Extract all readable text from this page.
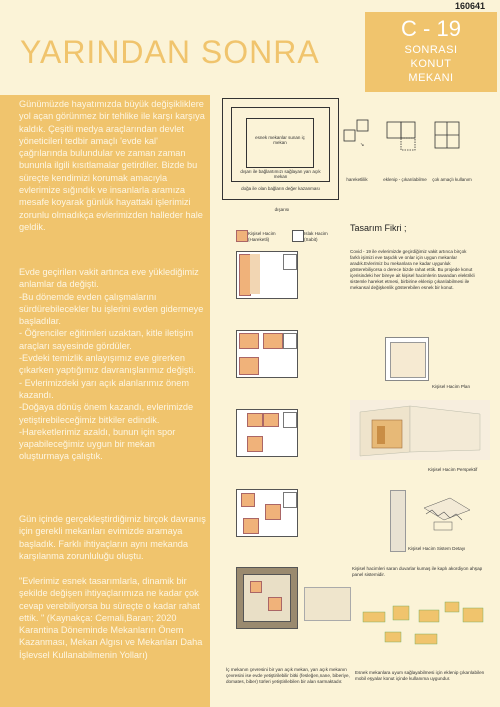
160641
C - 19
SONRASI
KONUT
MEKANI
YARINDAN SONRA

Günümüzde hayatımızda büyük değişikliklere yol açan görünmez bir tehlike ile karşı karşıya kaldık. Çeşitli medya araçlarından devlet yöneticileri tedbir amaçlı 'evde kal' çağrılarında bulundular ve zaman zaman bununla ilgili kısıtlamalar getirdiler. Bizde bu süreçte kendimizi korumak amacıyla evlerimize sığındık ve insanlarla aramıza mesafe koyarak günlük hayattaki işlerimizi zorunlu olmadıkça evlerimizden halleder hale geldik.

Evde geçirilen vakit artınca eve yüklediğimiz anlamlar da değişti.

-Bu dönemde evden çalışmalarını sürdürebilecekler bu işlerini evden gidermeye başladılar.

- Öğrenciler eğitimleri uzaktan, kitle iletişim araçları sayesinde gördüler.

-Evdeki temizlik anlayışımız eve girerken çıkarken yaptığımız davranışlarımız değişti.

- Evlerimizdeki yarı açık alanlarımız önem kazandı.

-Doğaya dönüş önem kazandı, evlerimizde yetiştirebileceğimiz bitkiler edindik.

-Hareketlerimiz azaldı, bunun için spor yapabileceğimiz uygun bir mekan oluşturmaya çalıştık.

Gün içinde gerçekleştirdiğimiz birçok davranış için gerekli mekanları evimizde aramaya başladık. Farklı ihtiyaçların aynı mekanda karşılanma zorunluluğu oluştu.

"Evlerimiz esnek tasarımlarla, dinamik bir şekilde değişen ihtiyaçlarımıza ne kadar çok cevap verebiliyorsa bu süreçte o kadar rahat ettik. " (Kaynakça: Cemali,Baran; 2020 Karantina Döneminde Mekanların Önem Kazanması, Mekan Algısı ve Mekanları Daha İşlevsel Kullanabilmenin Yolları)

esnek mekanlar sunan iç mekan
dışarı ile bağlantımızı sağlayan yarı açık mekan
doğa ile olan bağların değer kazanması
dışarısı
↘
hareketlilik	eklenip - çıkarılabilme	çok amaçlı kullanım
Tasarım Fikri ;
Covid - 19 ile evlerimizde geçirdiğimiz vakit artınca birçok farklı işimizi eve taşıdık ve onlar için uygun mekanlar aradık.Evlerimiz bu mekanlara ne kadar uygunluk gösterebiliyorsa o derece bizde rahat ettik. Bu projede konut içerisindeki her bireye ait kişisel hacimlerin tavandan elektrikli sistemle hareket etmesi, birbirine eklenip çıkarılabilmesi ile mekansal değişkenlik gösterebilen esnek bir konut.
Kişisel Hacim (Hareketli)
Islak Hacim (Sabit)
Kişisel Hacim Plan
Kişisel Hacim Perspektif
Kişisel Hacim Sistem Detayı
Kişisel hacimleri saran duvarlar kumaş ile kaplı akordiyon ahşap panel sistemidir.
İç mekanın çevresini bir yarı açık mekan, yarı açık mekanın çevresini ise evde yetiştirilebilir bitki (fesleğen,nane, biberiye, domates, biber) türleri yetiştirilebilen bir alan sarmaktadır.
Esnek mekanlara uyum sağlayabilmesi için eklenip çıkarılabilen mobil eşyalar konut içinde kullanıma uygundur.
